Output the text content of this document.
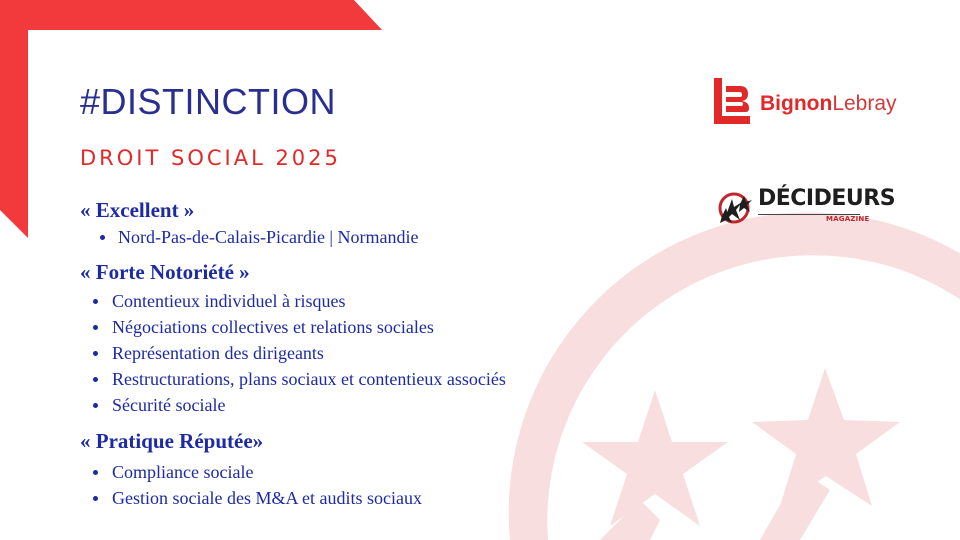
#DISTINCTION
DROIT SOCIAL 2025

« Excellent »

Nord-Pas-de-Calais-Picardie | Normandie

« Forte Notoriété »

Contentieux individuel à risques
Négociations collectives et relations sociales
Représentation des dirigeants
Restructurations, plans sociaux et contentieux associés
Sécurité sociale

« Pratique Réputée»

Compliance sociale
Gestion sociale des M&A et audits sociaux
BignonLebray
DÉCIDEURS
MAGAZINE
